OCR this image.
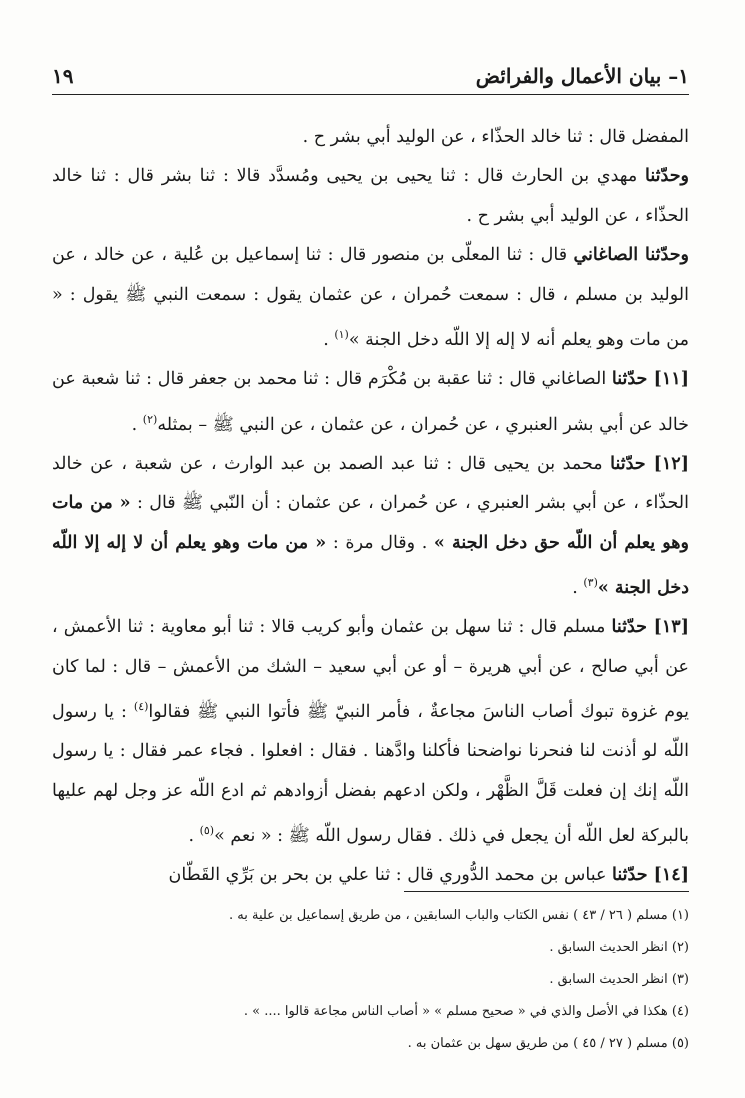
١– بيان الأعمال والفرائض
١٩

المفضل قال : ثنا خالد الحذّاء ، عن الوليد أبي بشر ح .

وحدّثنا مهدي بن الحارث قال : ثنا يحيى بن يحيى ومُسدَّد قالا : ثنا بشر قال : ثنا خالد الحذّاء ، عن الوليد أبي بشر ح .

وحدّثنا الصاغاني قال : ثنا المعلّى بن منصور قال : ثنا إسماعيل بن عُلية ، عن خالد ، عن الوليد بن مسلم ، قال : سمعت حُمران ، عن عثمان يقول : سمعت النبي ﷺ يقول : « من مات وهو يعلم أنه لا إله إلا اللّه دخل الجنة »$^{(١)}$ .

[١١] حدّثنا الصاغاني قال : ثنا عقبة بن مُكْرَم قال : ثنا محمد بن جعفر قال : ثنا شعبة عن خالد عن أبي بشر العنبري ، عن حُمران ، عن عثمان ، عن النبي ﷺ – بمثله$^{(٢)}$ .

[١٢] حدّثنا محمد بن يحيى قال : ثنا عبد الصمد بن عبد الوارث ، عن شعبة ، عن خالد الحذّاء ، عن أبي بشر العنبري ، عن حُمران ، عن عثمان : أن النّبي ﷺ قال : « من مات وهو يعلم أن اللّه حق دخل الجنة » . وقال مرة : « من مات وهو يعلم أن لا إله إلا اللّه دخل الجنة »$^{(٣)}$ .

[١٣] حدّثنا مسلم قال : ثنا سهل بن عثمان وأبو كريب قالا : ثنا أبو معاوية : ثنا الأعمش ، عن أبي صالح ، عن أبي هريرة – أو عن أبي سعيد – الشك من الأعمش – قال : لما كان يوم غزوة تبوك أصاب الناسَ مجاعةٌ ، فأمر النبيّ ﷺ فأتوا النبي ﷺ فقالوا$^{(٤)}$ : يا رسول اللّه لو أذنت لنا فنحرنا نواضحنا فأكلنا وادَّهنا . فقال : افعلوا . فجاء عمر فقال : يا رسول اللّه إنك إن فعلت قَلَّ الظَّهْر ، ولكن ادعهم بفضل أزوادهم ثم ادع اللّه عز وجل لهم عليها بالبركة لعل اللّه أن يجعل في ذلك . فقال رسول اللّه ﷺ : « نعم »$^{(٥)}$ .

[١٤] حدّثنا عباس بن محمد الدُّوري قال : ثنا علي بن بحر بن بَرِّي القَطّان

(١) مسلم ( ٢٦ / ٤٣ ) نفس الكتاب والباب السابقين ، من طريق إسماعيل بن علية به .
(٢) انظر الحديث السابق .
(٣) انظر الحديث السابق .
(٤) هكذا في الأصل والذي في « صحيح مسلم » « أصاب الناس مجاعة قالوا .... » .
(٥) مسلم ( ٢٧ / ٤٥ ) من طريق سهل بن عثمان به .
